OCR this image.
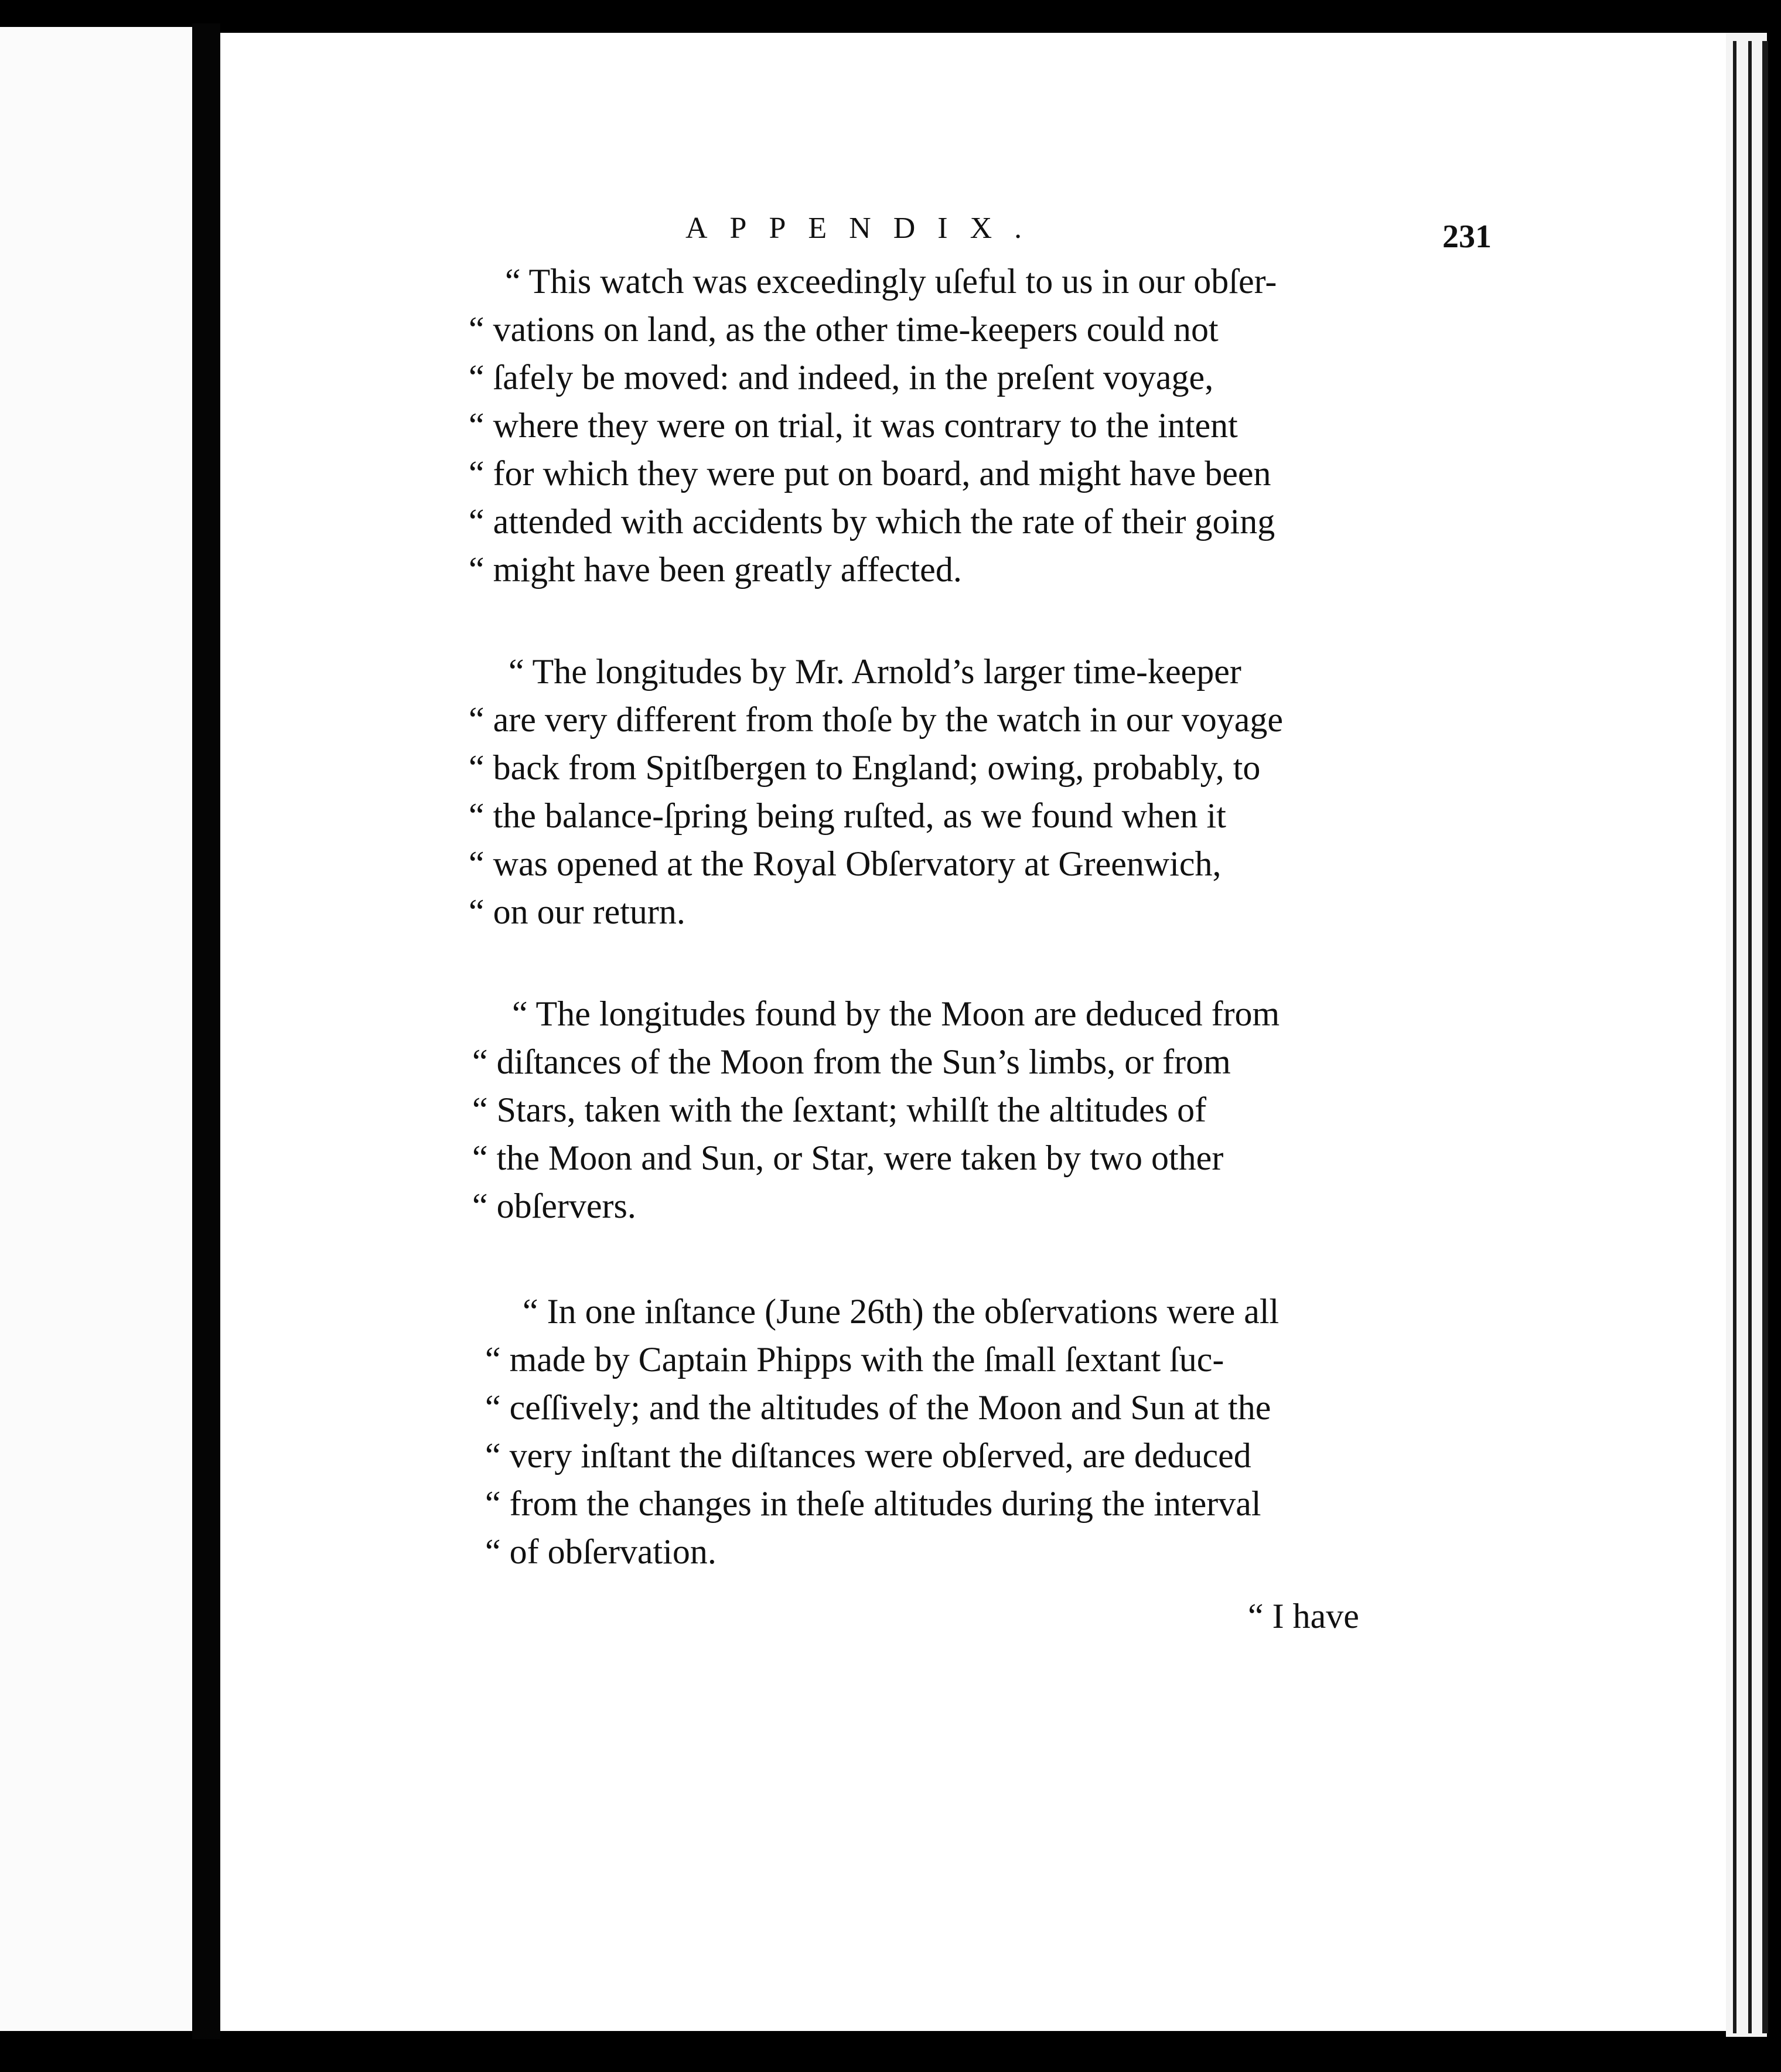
APPENDIX.	231
“ This watch was exceedingly uſeful to us in our obſer-
“ vations on land, as the other time-keepers could not
“ ſafely be moved: and indeed, in the preſent voyage,
“ where they were on trial, it was contrary to the intent
“ for which they were put on board, and might have been
“ attended with accidents by which the rate of their going
“ might have been greatly affected.
“ The longitudes by Mr. Arnold’s larger time-keeper
“ are very different from thoſe by the watch in our voyage
“ back from Spitſbergen to England; owing, probably, to
“ the balance-ſpring being ruſted, as we found when it
“ was opened at the Royal Obſervatory at Greenwich,
“ on our return.
“ The longitudes found by the Moon are deduced from
“ diſtances of the Moon from the Sun’s limbs, or from
“ Stars, taken with the ſextant; whilſt the altitudes of
“ the Moon and Sun, or Star, were taken by two other
“ obſervers.
“ In one inſtance (June 26th) the obſervations were all
“ made by Captain Phipps with the ſmall ſextant ſuc-
“ ceſſively; and the altitudes of the Moon and Sun at the
“ very inſtant the diſtances were obſerved, are deduced
“ from the changes in theſe altitudes during the interval
“ of obſervation.
“ I have
